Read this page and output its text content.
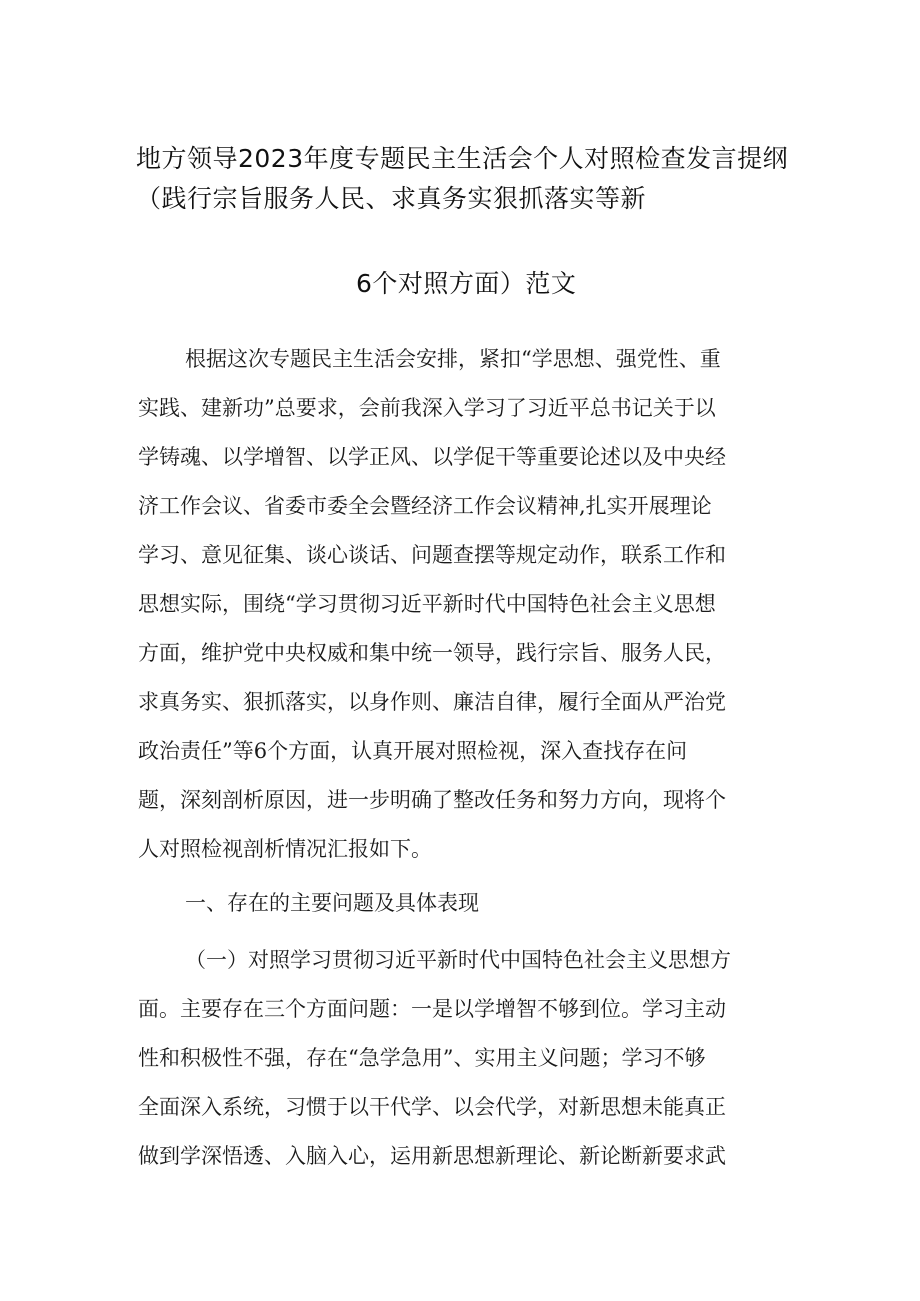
地方领导2023年度专题民主生活会个人对照检查发言提纲
（践行宗旨服务人民、求真务实狠抓落实等新
6个对照方面）范文
根据这次专题民主生活会安排，紧扣“学思想、强党性、重
实践、建新功”总要求，会前我深入学习了习近平总书记关于以
学铸魂、以学增智、以学正风、以学促干等重要论述以及中央经
济工作会议、省委市委全会暨经济工作会议精神,扎实开展理论
学习、意见征集、谈心谈话、问题查摆等规定动作，联系工作和
思想实际，围绕“学习贯彻习近平新时代中国特色社会主义思想
方面，维护党中央权威和集中统一领导，践行宗旨、服务人民，
求真务实、狠抓落实，以身作则、廉洁自律，履行全面从严治党
政治责任”等6个方面，认真开展对照检视，深入查找存在问
题，深刻剖析原因，进一步明确了整改任务和努力方向，现将个
人对照检视剖析情况汇报如下。
一、存在的主要问题及具体表现
（一）对照学习贯彻习近平新时代中国特色社会主义思想方
面。主要存在三个方面问题：一是以学增智不够到位。学习主动
性和积极性不强，存在“急学急用”、实用主义问题；学习不够
全面深入系统，习惯于以干代学、以会代学，对新思想未能真正
做到学深悟透、入脑入心，运用新思想新理论、新论断新要求武
